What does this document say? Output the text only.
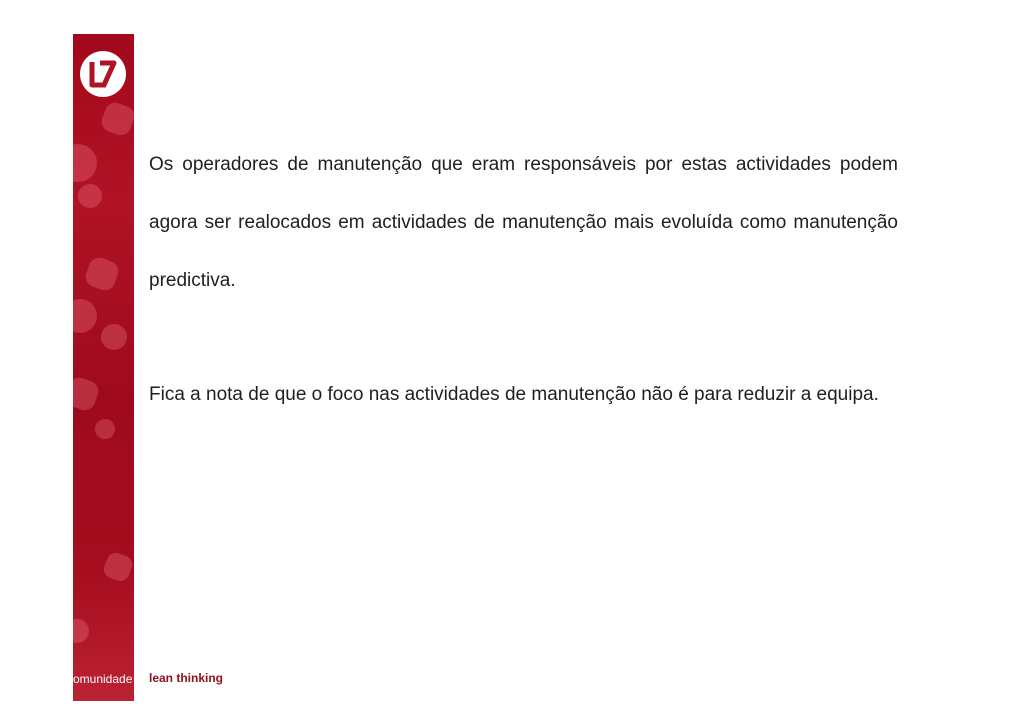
comunidade lean thinking

Os operadores de manutenção que eram responsáveis por estas actividades podem agora ser realocados em actividades de manutenção mais evoluída como manutenção predictiva.

Fica a nota de que o foco nas actividades de manutenção não é para reduzir a equipa.
